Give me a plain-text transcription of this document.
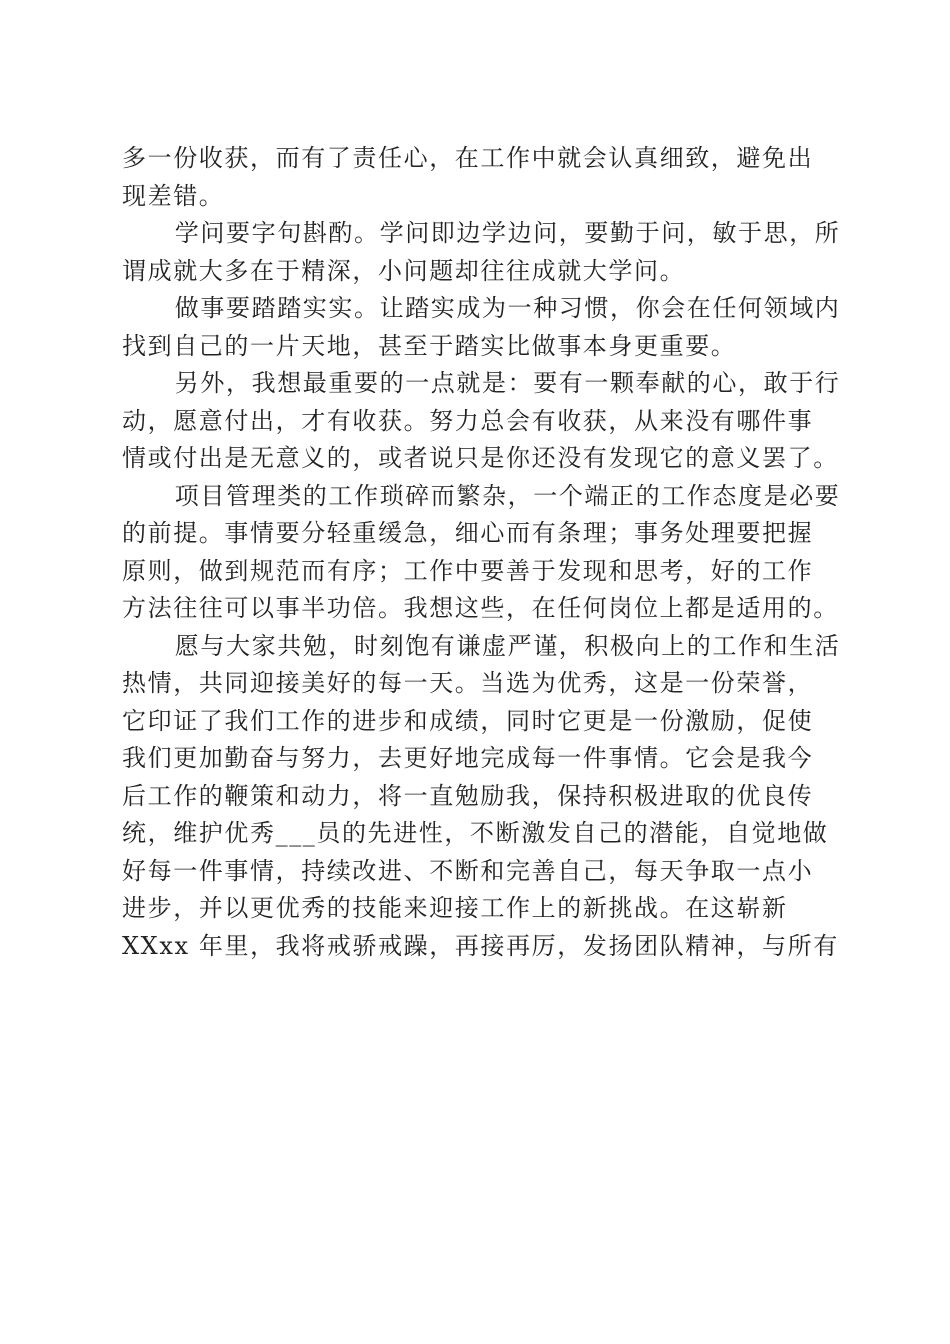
多一份收获，而有了责任心，在工作中就会认真细致，避免出
现差错。

学问要字句斟酌。学问即边学边问，要勤于问，敏于思，所
谓成就大多在于精深，小问题却往往成就大学问。

做事要踏踏实实。让踏实成为一种习惯，你会在任何领域内
找到自己的一片天地，甚至于踏实比做事本身更重要。

另外，我想最重要的一点就是：要有一颗奉献的心，敢于行
动，愿意付出，才有收获。努力总会有收获，从来没有哪件事
情或付出是无意义的，或者说只是你还没有发现它的意义罢了。

项目管理类的工作琐碎而繁杂，一个端正的工作态度是必要
的前提。事情要分轻重缓急，细心而有条理；事务处理要把握
原则，做到规范而有序；工作中要善于发现和思考，好的工作
方法往往可以事半功倍。我想这些，在任何岗位上都是适用的。

愿与大家共勉，时刻饱有谦虚严谨，积极向上的工作和生活
热情，共同迎接美好的每一天。当选为优秀，这是一份荣誉，
它印证了我们工作的进步和成绩，同时它更是一份激励，促使
我们更加勤奋与努力，去更好地完成每一件事情。它会是我今
后工作的鞭策和动力，将一直勉励我，保持积极进取的优良传
统，维护优秀___员的先进性，不断激发自己的潜能，自觉地做
好每一件事情，持续改进、不断和完善自己，每天争取一点小
进步，并以更优秀的技能来迎接工作上的新挑战。在这崭新
XXxx 年里，我将戒骄戒躁，再接再厉，发扬团队精神，与所有
